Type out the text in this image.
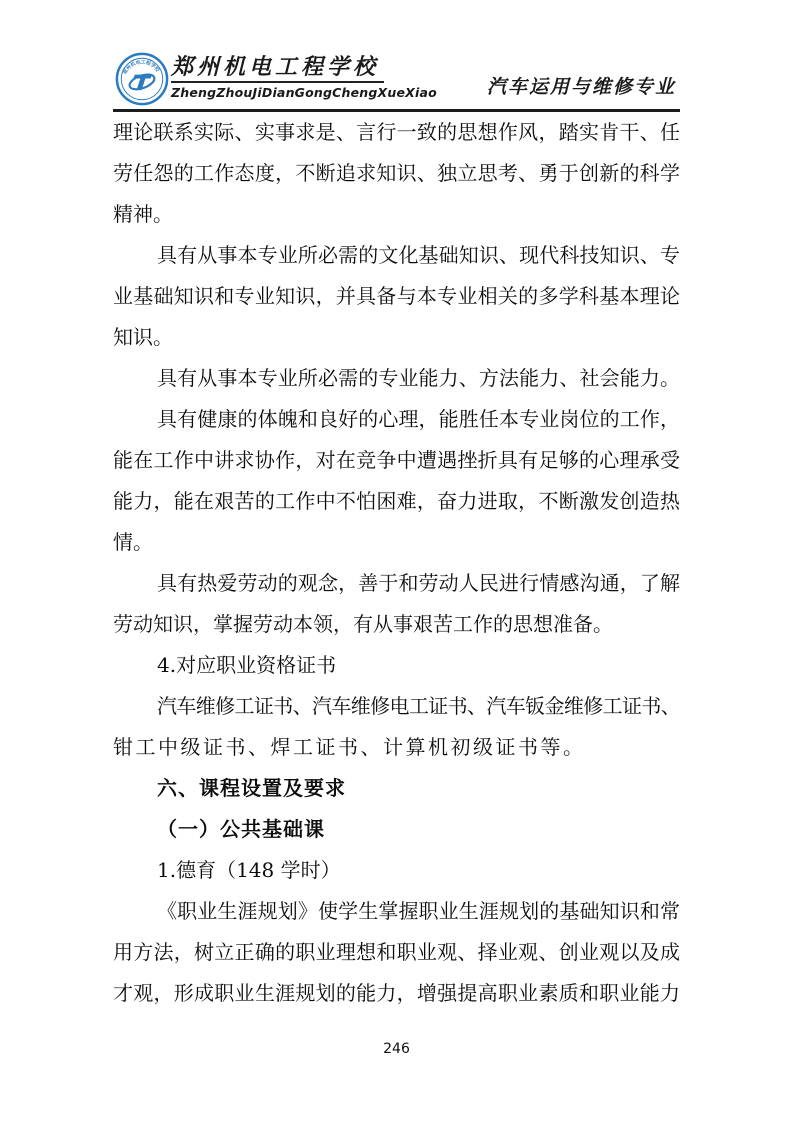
郑州机电工程学校 郑州机电工程学校
ZhengZhouJiDianGongChengXueXiao	汽车运用与维修专业
理论联系实际、实事求是、言行一致的思想作风，踏实肯干、任
劳任怨的工作态度，不断追求知识、独立思考、勇于创新的科学
精神。
具有从事本专业所必需的文化基础知识、现代科技知识、专
业基础知识和专业知识，并具备与本专业相关的多学科基本理论
知识。
具有从事本专业所必需的专业能力、方法能力、社会能力。
具有健康的体魄和良好的心理，能胜任本专业岗位的工作，
能在工作中讲求协作，对在竞争中遭遇挫折具有足够的心理承受
能力，能在艰苦的工作中不怕困难，奋力进取，不断激发创造热
情。
具有热爱劳动的观念，善于和劳动人民进行情感沟通，了解
劳动知识，掌握劳动本领，有从事艰苦工作的思想准备。
4.对应职业资格证书
汽车维修工证书、汽车维修电工证书、汽车钣金维修工证书、
钳工中级证书、焊工证书、计算机初级证书等。
六、课程设置及要求
（一）公共基础课
1.德育（148 学时）
《职业生涯规划》使学生掌握职业生涯规划的基础知识和常
用方法，树立正确的职业理想和职业观、择业观、创业观以及成
才观，形成职业生涯规划的能力，增强提高职业素质和职业能力
246
